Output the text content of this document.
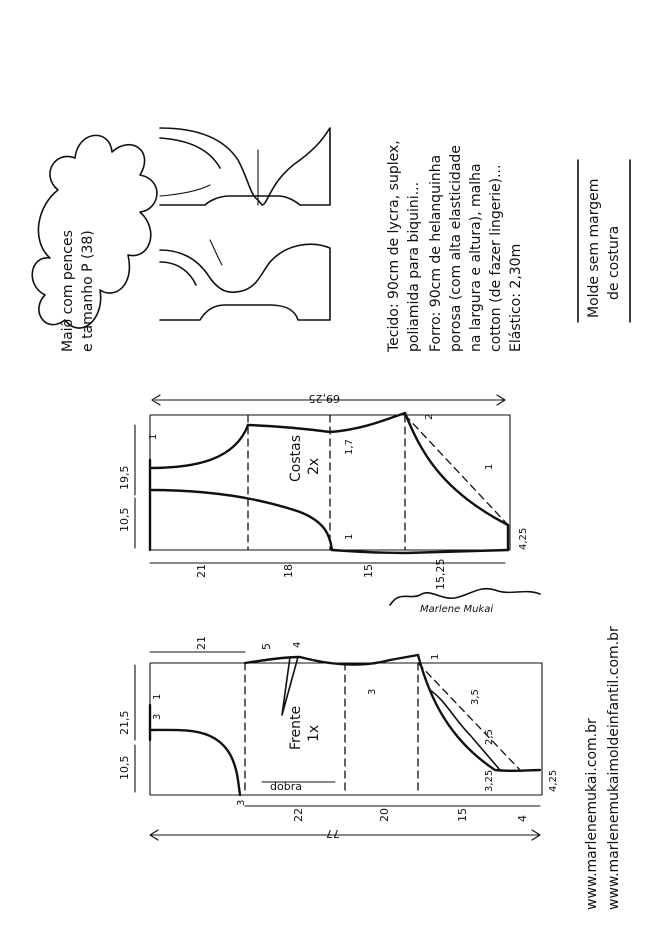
Maiô com pences e tamanho P (38)	Tecido: 90cm de lycra, suplex, poliamida para biquini... Forro: 90cm de helanquinha porosa (com alta elasticidade na largura e altura), malha cotton (de fazer lingerie)... Elástico: 2,30m	Molde sem margem de costura
Costas 2x
69,25
19,5
10,5
1
21	18	15	15,25
1,7
1
2
1
4,25
Marlene Mukai
Frente 1x
dobra
77
21,5
10,5
1
3
21	5 4
3
1
3,5
2,5
3,25
3
4,25
22	20	15	4	www.marlenemukai.com.br www.marlenemukaimoldeinfantil.com.br
